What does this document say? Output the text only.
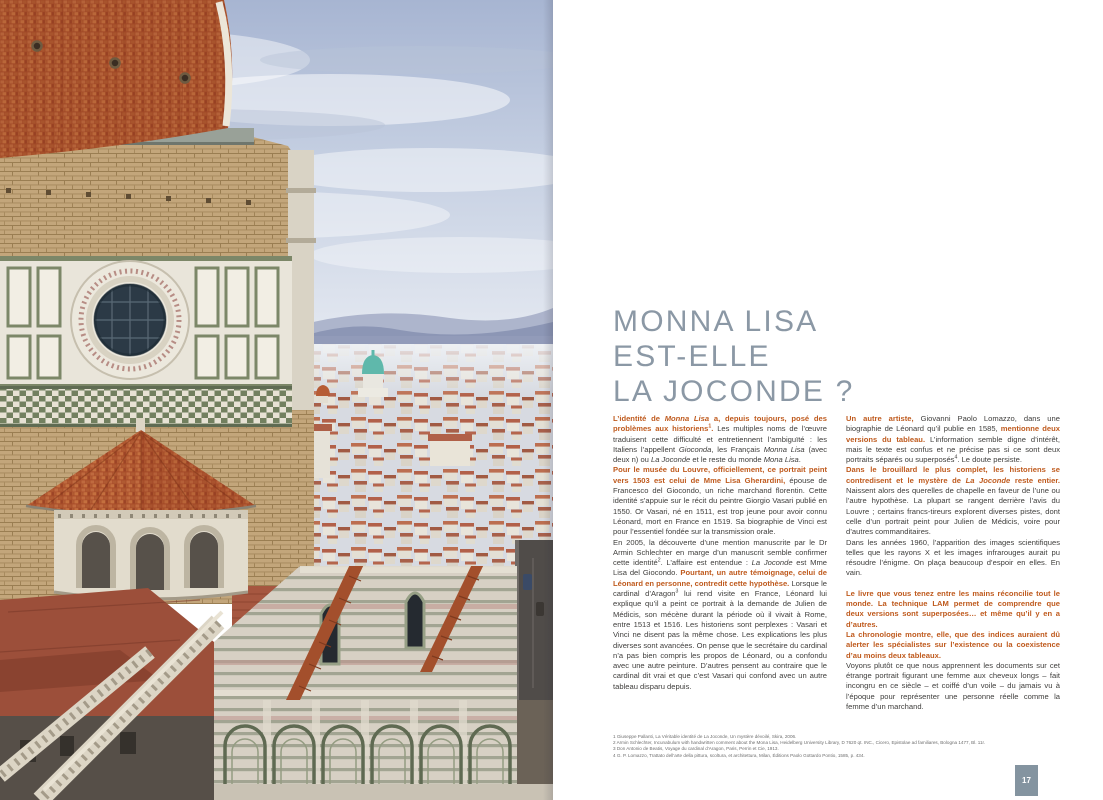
MONNA LISA
EST-ELLE
LA JOCONDE ?

L’identité de Monna Lisa a, depuis toujours, posé des problèmes aux historiens$^1$. Les multiples noms de l’œuvre traduisent cette difficulté et entretiennent l’ambiguïté : les Italiens l’appellent Gioconda, les Français Monna Lisa (avec deux n) ou La Joconde et le reste du monde Mona Lisa.

Pour le musée du Louvre, officiellement, ce portrait peint vers 1503 est celui de Mme Lisa Gherardini, épouse de Francesco del Giocondo, un riche marchand florentin. Cette identité s’appuie sur le récit du peintre Giorgio Vasari publié en 1550. Or Vasari, né en 1511, est trop jeune pour avoir connu Léonard, mort en France en 1519. Sa biographie de Vinci est pour l’essentiel fondée sur la transmission orale.

En 2005, la découverte d’une mention manuscrite par le Dr Armin Schlechter en marge d’un manuscrit semble confirmer cette identité$^2$. L’affaire est entendue : La Joconde est Mme Lisa del Giocondo. Pourtant, un autre témoignage, celui de Léonard en personne, contredit cette hypothèse. Lorsque le cardinal d’Aragon$^3$ lui rend visite en France, Léonard lui explique qu’il a peint ce portrait à la demande de Julien de Médicis, son mécène durant la période où il vivait à Rome, entre 1513 et 1516. Les historiens sont perplexes : Vasari et Vinci ne disent pas la même chose. Les explications les plus diverses sont avancées. On pense que le secrétaire du cardinal n’a pas bien compris les propos de Léonard, ou a confondu avec une autre peinture. D’autres pensent au contraire que le cardinal dit vrai et que c’est Vasari qui confond avec un autre tableau disparu depuis.

Un autre artiste, Giovanni Paolo Lomazzo, dans une biographie de Léonard qu’il publie en 1585, mentionne deux versions du tableau. L’information semble digne d’intérêt, mais le texte est confus et ne précise pas si ce sont deux portraits séparés ou superposés$^4$. Le doute persiste.

Dans le brouillard le plus complet, les historiens se contredisent et le mystère de La Joconde reste entier. Naissent alors des querelles de chapelle en faveur de l’une ou l’autre hypothèse. La plupart se rangent derrière l’avis du Louvre ; certains francs-tireurs explorent diverses pistes, dont celle d’un portrait peint pour Julien de Médicis, voire pour d’autres commanditaires.

Dans les années 1960, l’apparition des images scientifiques telles que les rayons X et les images infrarouges aurait pu résoudre l’énigme. On plaça beaucoup d’espoir en elles. En vain.

Le livre que vous tenez entre les mains réconcilie tout le monde. La technique LAM permet de comprendre que deux versions sont superposées… et même qu’il y en a d’autres.

La chronologie montre, elle, que des indices auraient dû alerter les spécialistes sur l’existence ou la coexistence d’au moins deux tableaux.

Voyons plutôt ce que nous apprennent les documents sur cet étrange portrait figurant une femme aux cheveux longs – fait incongru en ce siècle – et coiffé d’un voile – du jamais vu à l’époque pour représenter une personne réelle comme la femme d’un marchand.

1 Giuseppe Pallanti, La Véritable identité de La Joconde, Un mystère dévoilé, Skira, 2006.

2 Armin Schlechter, Incunabulum with handwritten comment about the Mona Lisa, Heidelberg University Library, D 7620 qt. INC., Cicero, Epistolae ad familiares, Bologna 1477, Bl. 11r.

3 Don Antonio de Beatis, Voyage du cardinal d’Aragon, Paris, Perrin et Cie, 1913.

4 G. P. Lomazzo, Trattato dell’arte della pittura, scoltura, et architettura, Milan, Éditions Paolo Gottardo Pontio, 1585, p. 434.

17
